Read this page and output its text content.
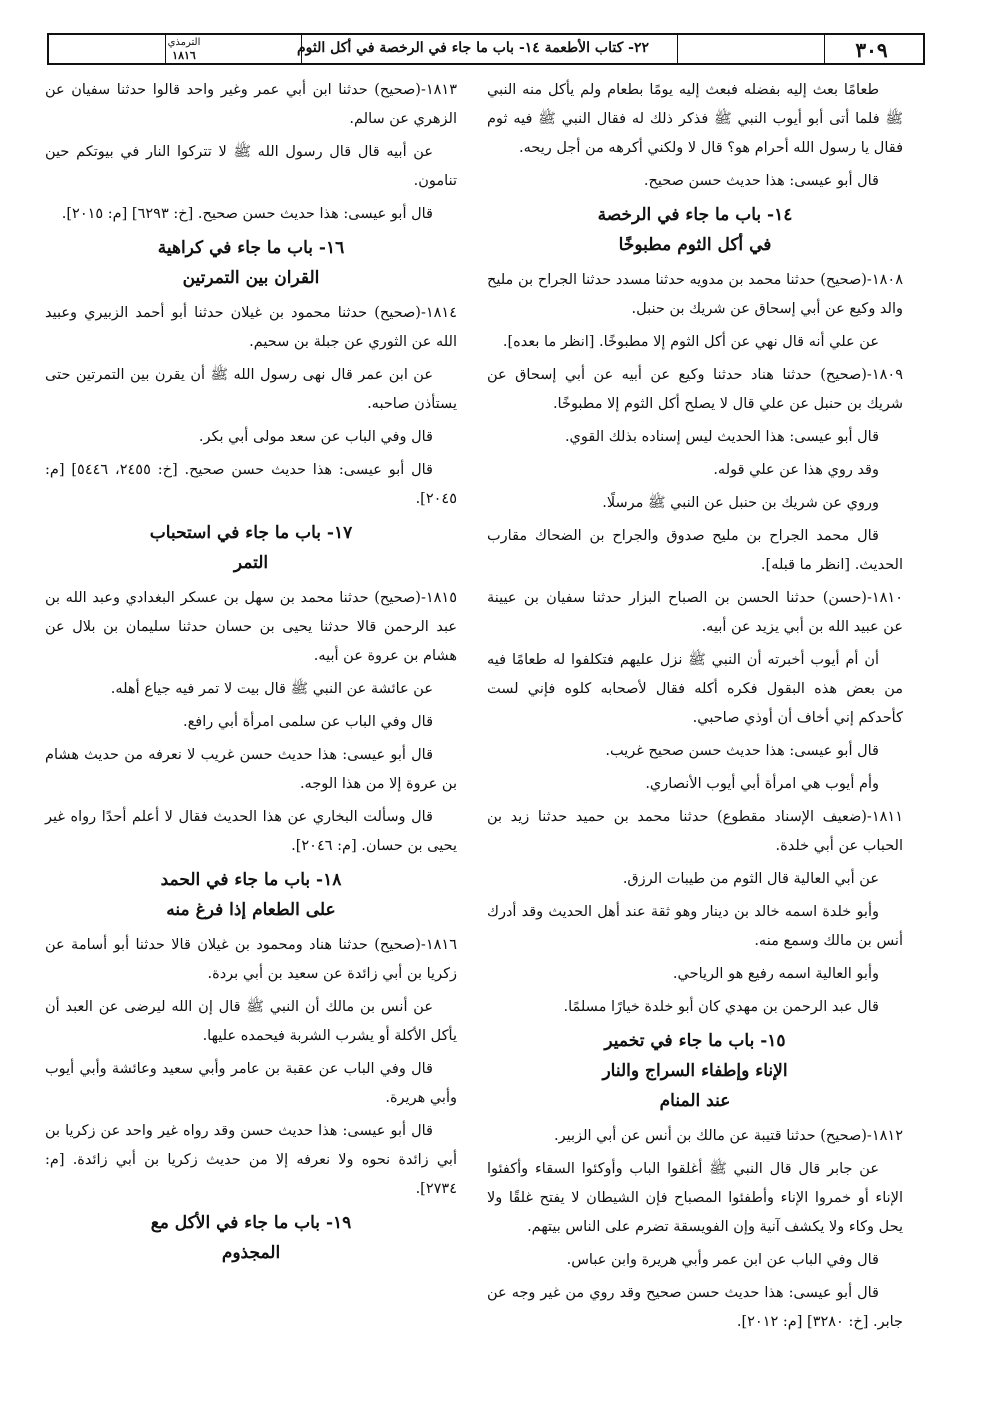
٣٠٩
٢٢- كتاب الأطعمة ١٤- باب ما جاء في الرخصة في أكل الثوم
الترمذي
١٨١٦

طعامًا بعث إليه بفضله فبعث إليه يومًا بطعام ولم يأكل منه النبي ﷺ فلما أتى أبو أيوب النبي ﷺ فذكر ذلك له فقال النبي ﷺ فيه ثوم فقال يا رسول الله أحرام هو؟ قال لا ولكني أكرهه من أجل ريحه.

قال أبو عيسى: هذا حديث حسن صحيح.

١٤- باب ما جاء في الرخصة
في أكل الثوم مطبوخًا

١٨٠٨-(صحيح) حدثنا محمد بن مدويه حدثنا مسدد حدثنا الجراح بن مليح والد وكيع عن أبي إسحاق عن شريك بن حنبل.

عن علي أنه قال نهي عن أكل الثوم إلا مطبوخًا. [انظر ما بعده].

١٨٠٩-(صحيح) حدثنا هناد حدثنا وكيع عن أبيه عن أبي إسحاق عن شريك بن حنبل عن علي قال لا يصلح أكل الثوم إلا مطبوخًا.

قال أبو عيسى: هذا الحديث ليس إسناده بذلك القوي.

وقد روي هذا عن علي قوله.

وروي عن شريك بن حنبل عن النبي ﷺ مرسلًا.

قال محمد الجراح بن مليح صدوق والجراح بن الضحاك مقارب الحديث. [انظر ما قبله].

١٨١٠-(حسن) حدثنا الحسن بن الصباح البزار حدثنا سفيان بن عيينة عن عبيد الله بن أبي يزيد عن أبيه.

أن أم أيوب أخبرته أن النبي ﷺ نزل عليهم فتكلفوا له طعامًا فيه من بعض هذه البقول فكره أكله فقال لأصحابه كلوه فإني لست كأحدكم إني أخاف أن أوذي صاحبي.

قال أبو عيسى: هذا حديث حسن صحيح غريب.

وأم أيوب هي امرأة أبي أيوب الأنصاري.

١٨١١-(ضعيف الإسناد مقطوع) حدثنا محمد بن حميد حدثنا زيد بن الحباب عن أبي خلدة.

عن أبي العالية قال الثوم من طيبات الرزق.

وأبو خلدة اسمه خالد بن دينار وهو ثقة عند أهل الحديث وقد أدرك أنس بن مالك وسمع منه.

وأبو العالية اسمه رفيع هو الرياحي.

قال عبد الرحمن بن مهدي كان أبو خلدة خيارًا مسلمًا.

١٥- باب ما جاء في تخمير
الإناء وإطفاء السراج والنار
عند المنام

١٨١٢-(صحيح) حدثنا قتيبة عن مالك بن أنس عن أبي الزبير.

عن جابر قال قال النبي ﷺ أغلقوا الباب وأوكئوا السقاء وأكفئوا الإناء أو خمروا الإناء وأطفئوا المصباح فإن الشيطان لا يفتح غلقًا ولا يحل وكاء ولا يكشف آنية وإن الفويسقة تضرم على الناس بيتهم.

قال وفي الباب عن ابن عمر وأبي هريرة وابن عباس.

قال أبو عيسى: هذا حديث حسن صحيح وقد روي من غير وجه عن جابر. [خ: ٣٢٨٠] [م: ٢٠١٢].

١٨١٣-(صحيح) حدثنا ابن أبي عمر وغير واحد قالوا حدثنا سفيان عن الزهري عن سالم.

عن أبيه قال قال رسول الله ﷺ لا تتركوا النار في بيوتكم حين تنامون.

قال أبو عيسى: هذا حديث حسن صحيح. [خ: ٦٢٩٣] [م: ٢٠١٥].

١٦- باب ما جاء في كراهية
القران بين التمرتين

١٨١٤-(صحيح) حدثنا محمود بن غيلان حدثنا أبو أحمد الزبيري وعبيد الله عن الثوري عن جبلة بن سحيم.

عن ابن عمر قال نهى رسول الله ﷺ أن يقرن بين التمرتين حتى يستأذن صاحبه.

قال وفي الباب عن سعد مولى أبي بكر.

قال أبو عيسى: هذا حديث حسن صحيح. [خ: ٢٤٥٥، ٥٤٤٦] [م: ٢٠٤٥].

١٧- باب ما جاء في استحباب
التمر

١٨١٥-(صحيح) حدثنا محمد بن سهل بن عسكر البغدادي وعبد الله بن عبد الرحمن قالا حدثنا يحيى بن حسان حدثنا سليمان بن بلال عن هشام بن عروة عن أبيه.

عن عائشة عن النبي ﷺ قال بيت لا تمر فيه جياع أهله.

قال وفي الباب عن سلمى امرأة أبي رافع.

قال أبو عيسى: هذا حديث حسن غريب لا نعرفه من حديث هشام بن عروة إلا من هذا الوجه.

قال وسألت البخاري عن هذا الحديث فقال لا أعلم أحدًا رواه غير يحيى بن حسان. [م: ٢٠٤٦].

١٨- باب ما جاء في الحمد
على الطعام إذا فرغ منه

١٨١٦-(صحيح) حدثنا هناد ومحمود بن غيلان قالا حدثنا أبو أسامة عن زكريا بن أبي زائدة عن سعيد بن أبي بردة.

عن أنس بن مالك أن النبي ﷺ قال إن الله ليرضى عن العبد أن يأكل الأكلة أو يشرب الشربة فيحمده عليها.

قال وفي الباب عن عقبة بن عامر وأبي سعيد وعائشة وأبي أيوب وأبي هريرة.

قال أبو عيسى: هذا حديث حسن وقد رواه غير واحد عن زكريا بن أبي زائدة نحوه ولا نعرفه إلا من حديث زكريا بن أبي زائدة. [م: ٢٧٣٤].

١٩- باب ما جاء في الأكل مع
المجذوم
